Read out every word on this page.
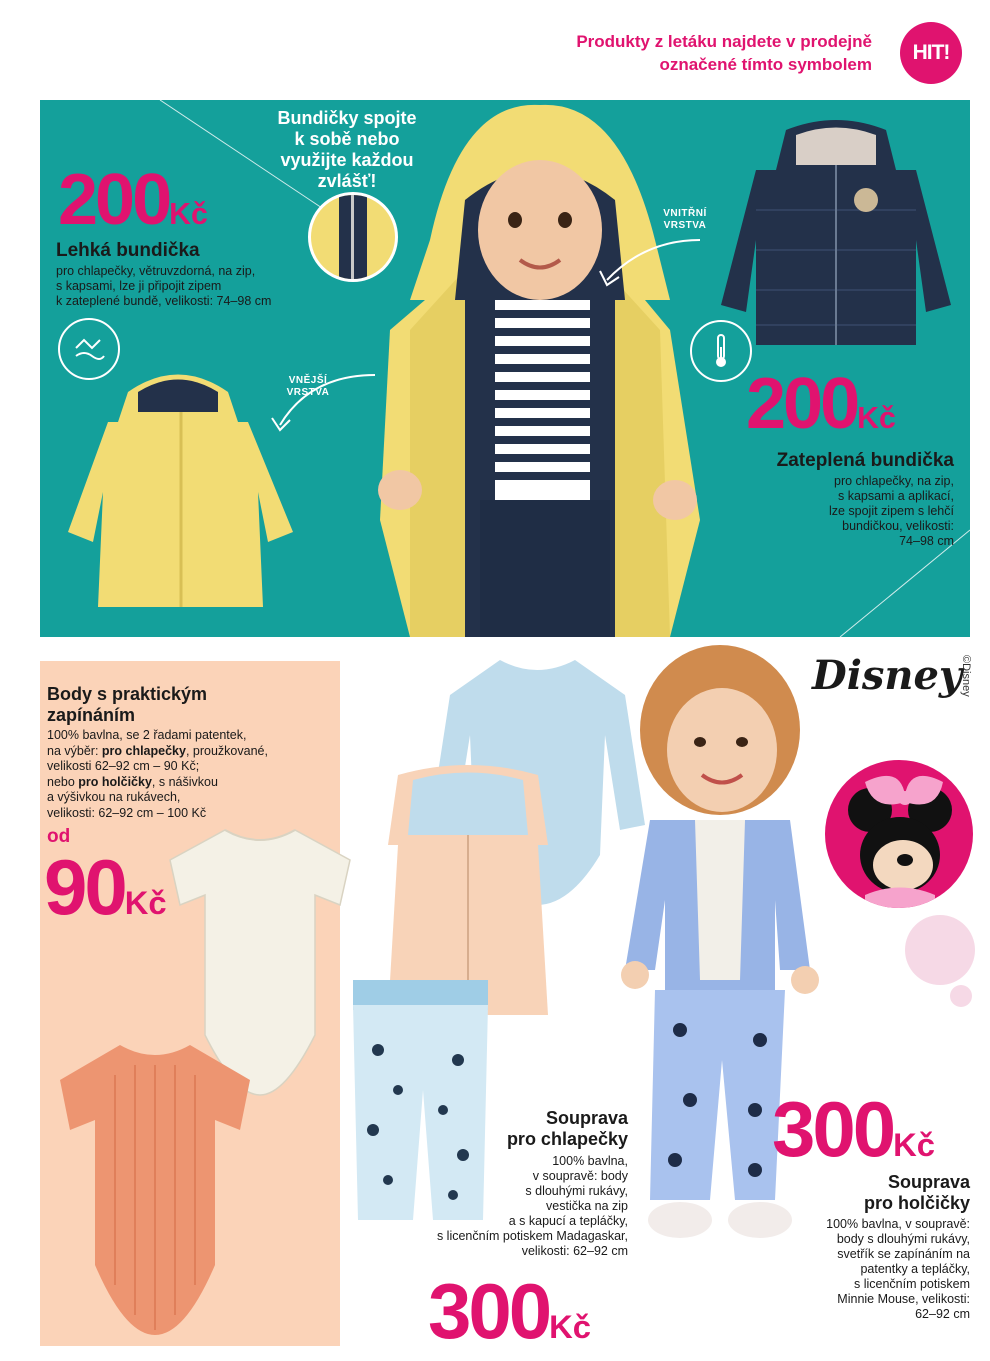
Produkty z letáku najdete v prodejně
označené tímto symbolem
HIT!
200Kč
Lehká bundička
pro chlapečky, větruvzdorná, na zip,
s kapsami, lze ji připojit zipem
k zateplené bundě, velikosti: 74–98 cm
Bundičky spojte
k sobě nebo
využijte každou
zvlášť!
VNĚJŠÍ
VRSTVA
VNITŘNÍ
VRSTVA
200Kč
Zateplená bundička
pro chlapečky, na zip,
s kapsami a aplikací,
lze spojit zipem s lehčí
bundičkou, velikosti:
74–98 cm
Body s praktickým
zapínáním
100% bavlna, se 2 řadami patentek,
na výběr: pro chlapečky, proužkované,
velikosti 62–92 cm – 90 Kč;
nebo pro holčičky, s nášivkou
a výšivkou na rukávech,
velikosti: 62–92 cm – 100 Kč
od
90Kč
Souprava
pro chlapečky
100% bavlna,
v soupravě: body
s dlouhými rukávy,
vestička na zip
a s kapucí a tepláčky,
s licenčním potiskem Madagaskar,
velikosti: 62–92 cm
300Kč
Disney
©Disney
300Kč
Souprava
pro holčičky
100% bavlna, v soupravě:
body s dlouhými rukávy,
svetřík se zapínáním na
patentky a tepláčky,
s licenčním potiskem
Minnie Mouse, velikosti:
62–92 cm
